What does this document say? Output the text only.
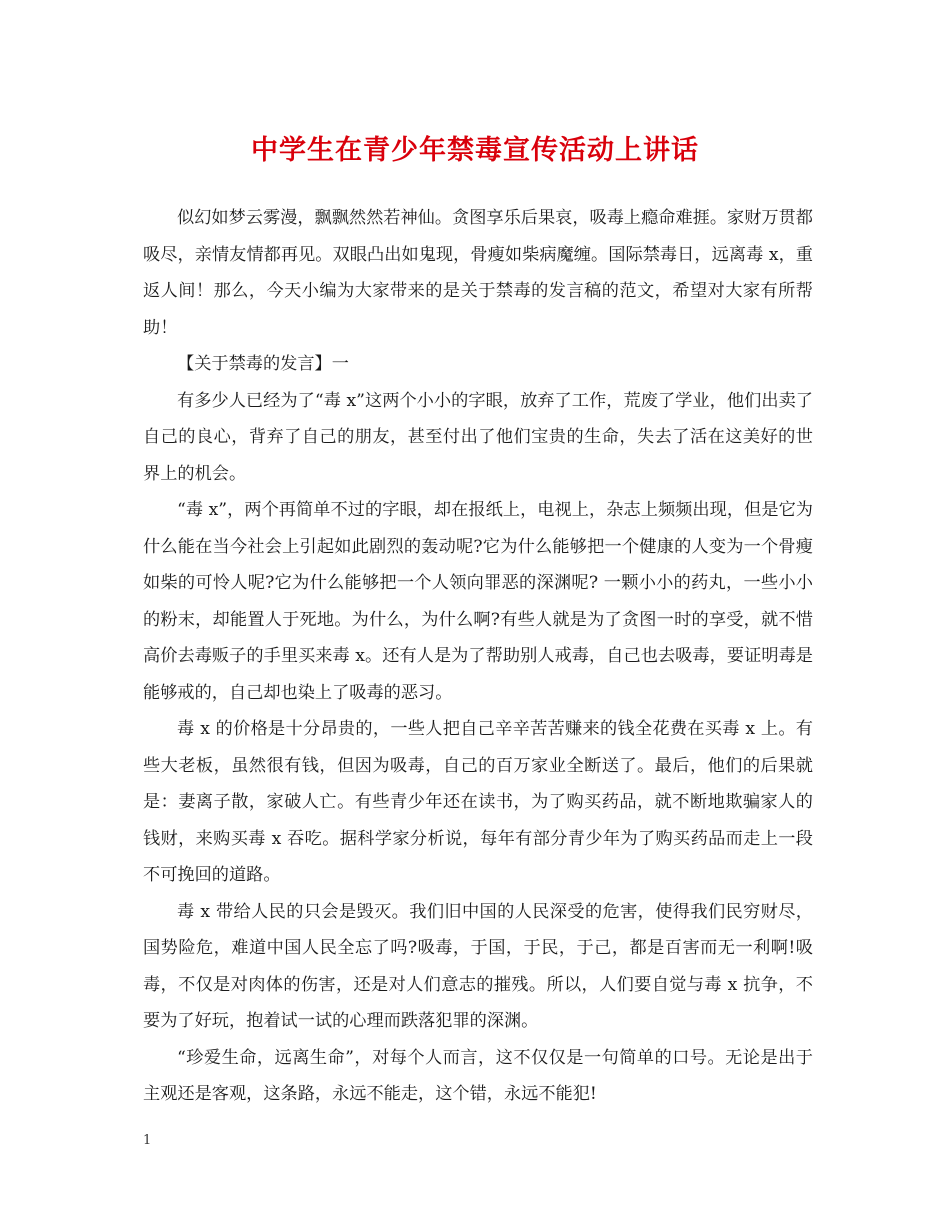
中学生在青少年禁毒宣传活动上讲话

似幻如梦云雾漫，飘飘然然若神仙。贪图享乐后果哀，吸毒上瘾命难捱。家财万贯都吸尽，亲情友情都再见。双眼凸出如鬼现，骨瘦如柴病魔缠。国际禁毒日，远离毒 x，重返人间！那么，今天小编为大家带来的是关于禁毒的发言稿的范文，希望对大家有所帮助！

【关于禁毒的发言】一

有多少人已经为了“毒 x”这两个小小的字眼，放弃了工作，荒废了学业，他们出卖了自己的良心，背弃了自己的朋友，甚至付出了他们宝贵的生命，失去了活在这美好的世界上的机会。

“毒 x”，两个再简单不过的字眼，却在报纸上，电视上，杂志上频频出现，但是它为什么能在当今社会上引起如此剧烈的轰动呢?它为什么能够把一个健康的人变为一个骨瘦如柴的可怜人呢?它为什么能够把一个人领向罪恶的深渊呢? 一颗小小的药丸，一些小小的粉末，却能置人于死地。为什么，为什么啊?有些人就是为了贪图一时的享受，就不惜高价去毒贩子的手里买来毒 x。还有人是为了帮助别人戒毒，自己也去吸毒，要证明毒是能够戒的，自己却也染上了吸毒的恶习。

毒 x 的价格是十分昂贵的，一些人把自己辛辛苦苦赚来的钱全花费在买毒 x 上。有些大老板，虽然很有钱，但因为吸毒，自己的百万家业全断送了。最后，他们的后果就是：妻离子散，家破人亡。有些青少年还在读书，为了购买药品，就不断地欺骗家人的钱财，来购买毒 x 吞吃。据科学家分析说，每年有部分青少年为了购买药品而走上一段不可挽回的道路。

毒 x 带给人民的只会是毁灭。我们旧中国的人民深受的危害，使得我们民穷财尽，国势险危，难道中国人民全忘了吗?吸毒，于国，于民，于己，都是百害而无一利啊!吸毒，不仅是对肉体的伤害，还是对人们意志的摧残。所以，人们要自觉与毒 x 抗争，不要为了好玩，抱着试一试的心理而跌落犯罪的深渊。

“珍爱生命，远离生命”，对每个人而言，这不仅仅是一句简单的口号。无论是出于主观还是客观，这条路，永远不能走，这个错，永远不能犯!

1
